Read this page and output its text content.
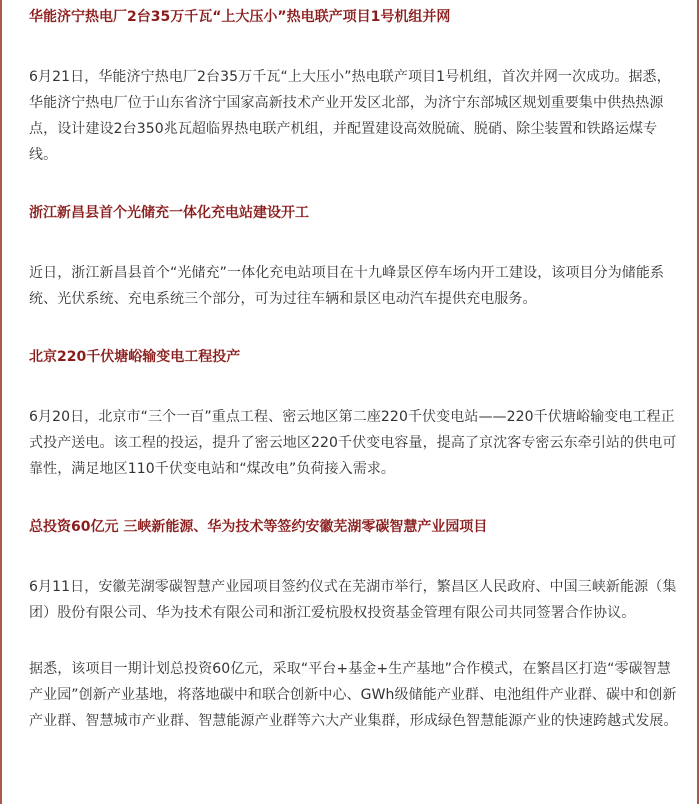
华能济宁热电厂2台35万千瓦“上大压小”热电联产项目1号机组并网

6月21日，华能济宁热电厂2台35万千瓦“上大压小”热电联产项目1号机组，首次并网一次成功。据悉，华能济宁热电厂位于山东省济宁国家高新技术产业开发区北部，为济宁东部城区规划重要集中供热热源点，设计建设2台350兆瓦超临界热电联产机组，并配置建设高效脱硫、脱硝、除尘装置和铁路运煤专线。

浙江新昌县首个光储充一体化充电站建设开工

近日，浙江新昌县首个“光储充”一体化充电站项目在十九峰景区停车场内开工建设，该项目分为储能系统、光伏系统、充电系统三个部分，可为过往车辆和景区电动汽车提供充电服务。

北京220千伏塘峪输变电工程投产

6月20日，北京市“三个一百”重点工程、密云地区第二座220千伏变电站——220千伏塘峪输变电工程正式投产送电。该工程的投运，提升了密云地区220千伏变电容量，提高了京沈客专密云东牵引站的供电可靠性，满足地区110千伏变电站和“煤改电”负荷接入需求。

总投资60亿元 三峡新能源、华为技术等签约安徽芜湖零碳智慧产业园项目

6月11日，安徽芜湖零碳智慧产业园项目签约仪式在芜湖市举行，繁昌区人民政府、中国三峡新能源（集团）股份有限公司、华为技术有限公司和浙江爱杭股权投资基金管理有限公司共同签署合作协议。

据悉，该项目一期计划总投资60亿元，采取“平台+基金+生产基地”合作模式，在繁昌区打造“零碳智慧产业园”创新产业基地，将落地碳中和联合创新中心、GWh级储能产业群、电池组件产业群、碳中和创新产业群、智慧城市产业群、智慧能源产业群等六大产业集群，形成绿色智慧能源产业的快速跨越式发展。
